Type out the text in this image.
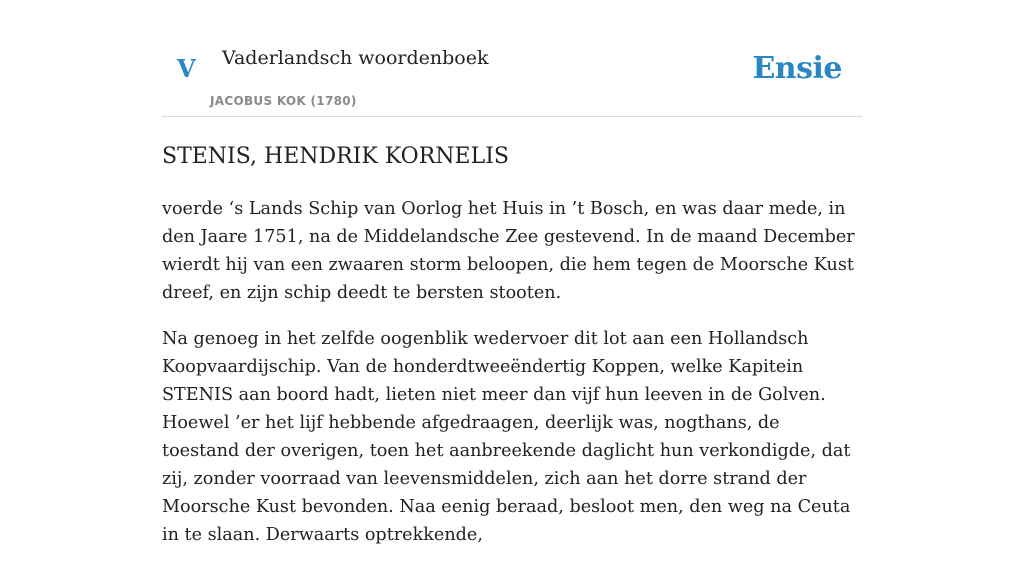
V Vaderlandsch woordenboek
JACOBUS KOK (1780)
Ensie
STENIS, HENDRIK KORNELIS

voerde ‘s Lands Schip van Oorlog het Huis in ’t Bosch, en was daar mede, in den Jaare 1751, na de Middelandsche Zee gestevend. In de maand December wierdt hij van een zwaaren storm beloopen, die hem tegen de Moorsche Kust dreef, en zijn schip deedt te bersten stooten.

Na genoeg in het zelfde oogenblik wedervoer dit lot aan een Hollandsch Koopvaardijschip. Van de honderdtweeëndertig Koppen, welke Kapitein STENIS aan boord hadt, lieten niet meer dan vijf hun leeven in de Golven. Hoewel ’er het lijf hebbende afgedraagen, deerlijk was, nogthans, de toestand der overigen, toen het aanbreekende daglicht hun verkondigde, dat zij, zonder voorraad van leevensmiddelen, zich aan het dorre strand der Moorsche Kust bevonden. Naa eenig beraad, besloot men, den weg na Ceuta in te slaan. Derwaarts optrekkende,
